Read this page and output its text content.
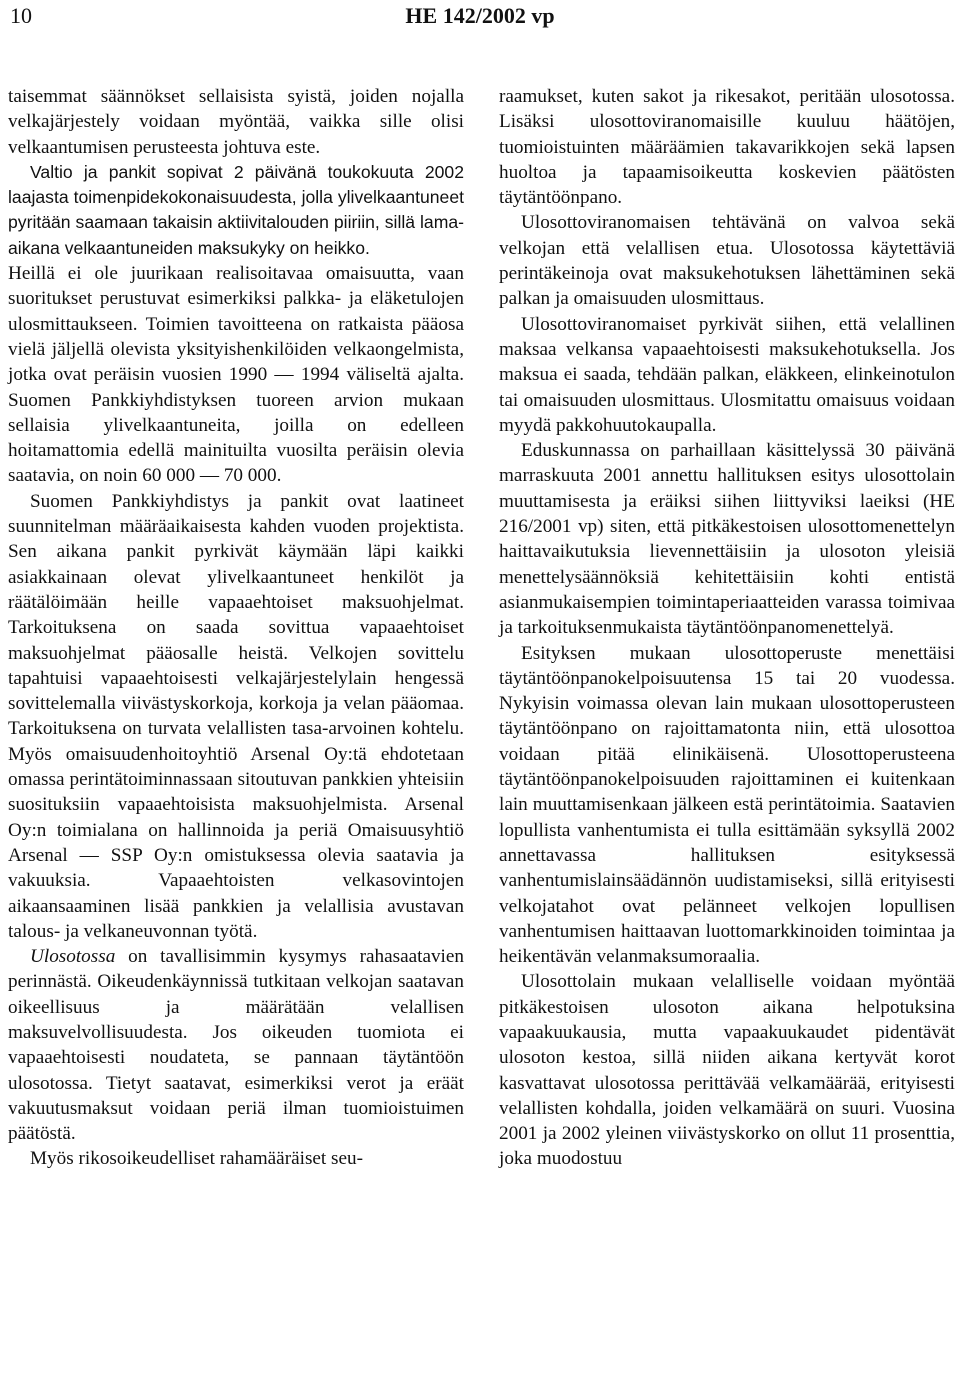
10	HE 142/2002 vp

taisemmat säännökset sellaisista syistä, joiden nojalla velkajärjestely voidaan myöntää, vaikka sille olisi velkaantumisen perusteesta johtuva este.

Valtio ja pankit sopivat 2 päivänä toukokuuta 2002 laajasta toimenpidekokonaisuudesta, jolla ylivelkaantuneet pyritään saamaan takaisin aktiivitalouden piiriin, sillä lama-aikana velkaantuneiden maksukyky on heikko.

Heillä ei ole juurikaan realisoitavaa omaisuutta, vaan suoritukset perustuvat esimerkiksi palkka- ja eläketulojen ulosmittaukseen. Toimien tavoitteena on ratkaista pääosa vielä jäljellä olevista yksityishenkilöiden velkaongelmista, jotka ovat peräisin vuosien 1990 — 1994 väliseltä ajalta. Suomen Pankkiyhdistyksen tuoreen arvion mukaan sellaisia ylivelkaantuneita, joilla on edelleen hoitamattomia edellä mainituilta vuosilta peräisin olevia saatavia, on noin 60 000 — 70 000.

Suomen Pankkiyhdistys ja pankit ovat laatineet suunnitelman määräaikaisesta kahden vuoden projektista. Sen aikana pankit pyrkivät käymään läpi kaikki asiakkainaan olevat ylivelkaantuneet henkilöt ja räätälöimään heille vapaaehtoiset maksuohjelmat. Tarkoituksena on saada sovittua vapaaehtoiset maksuohjelmat pääosalle heistä. Velkojen sovittelu tapahtuisi vapaaehtoisesti velkajärjestelylain hengessä sovittelemalla viivästyskorkoja, korkoja ja velan pääomaa. Tarkoituksena on turvata velallisten tasa-arvoinen kohtelu. Myös omaisuudenhoitoyhtiö Arsenal Oy:tä ehdotetaan omassa perintätoiminnassaan sitoutuvan pankkien yhteisiin suosituksiin vapaaehtoisista maksuohjelmista. Arsenal Oy:n toimialana on hallinnoida ja periä Omaisuusyhtiö Arsenal — SSP Oy:n omistuksessa olevia saatavia ja vakuuksia. Vapaaehtoisten velkasovintojen aikaansaaminen lisää pankkien ja velallisia avustavan talous- ja velkaneuvonnan työtä.

Ulosotossa on tavallisimmin kysymys rahasaatavien perinnästä. Oikeudenkäynnissä tutkitaan velkojan saatavan oikeellisuus ja määrätään velallisen maksuvelvollisuudesta. Jos oikeuden tuomiota ei vapaaehtoisesti noudateta, se pannaan täytäntöön ulosotossa. Tietyt saatavat, esimerkiksi verot ja eräät vakuutusmaksut voidaan periä ilman tuomioistuimen päätöstä.

Myös rikosoikeudelliset rahamääräiset seu-

raamukset, kuten sakot ja rikesakot, peritään ulosotossa. Lisäksi ulosottoviranomaisille kuuluu häätöjen, tuomioistuinten määräämien takavarikkojen sekä lapsen huoltoa ja tapaamisoikeutta koskevien päätösten täytäntöönpano.

Ulosottoviranomaisen tehtävänä on valvoa sekä velkojan että velallisen etua. Ulosotossa käytettäviä perintäkeinoja ovat maksukehotuksen lähettäminen sekä palkan ja omaisuuden ulosmittaus.

Ulosottoviranomaiset pyrkivät siihen, että velallinen maksaa velkansa vapaaehtoisesti maksukehotuksella. Jos maksua ei saada, tehdään palkan, eläkkeen, elinkeinotulon tai omaisuuden ulosmittaus. Ulosmitattu omaisuus voidaan myydä pakkohuutokaupalla.

Eduskunnassa on parhaillaan käsittelyssä 30 päivänä marraskuuta 2001 annettu hallituksen esitys ulosottolain muuttamisesta ja eräiksi siihen liittyviksi laeiksi (HE 216/2001 vp) siten, että pitkäkestoisen ulosottomenettelyn haittavaikutuksia lievennettäisiin ja ulosoton yleisiä menettelysäännöksiä kehitettäisiin kohti entistä asianmukaisempien toimintaperiaatteiden varassa toimivaa ja tarkoituksenmukaista täytäntöönpanomenettelyä.

Esityksen mukaan ulosottoperuste menettäisi täytäntöönpanokelpoisuutensa 15 tai 20 vuodessa. Nykyisin voimassa olevan lain mukaan ulosottoperusteen täytäntöönpano on rajoittamatonta niin, että ulosottoa voidaan pitää elinikäisenä. Ulosottoperusteena täytäntöönpanokelpoisuuden rajoittaminen ei kuitenkaan lain muuttamisenkaan jälkeen estä perintätoimia. Saatavien lopullista vanhentumista ei tulla esittämään syksyllä 2002 annettavassa hallituksen esityksessä vanhentumislainsäädännön uudistamiseksi, sillä erityisesti velkojatahot ovat pelänneet velkojen lopullisen vanhentumisen haittaavan luottomarkkinoiden toimintaa ja heikentävän velanmaksumoraalia.

Ulosottolain mukaan velalliselle voidaan myöntää pitkäkestoisen ulosoton aikana helpotuksina vapaakuukausia, mutta vapaakuukaudet pidentävät ulosoton kestoa, sillä niiden aikana kertyvät korot kasvattavat ulosotossa perittävää velkamäärää, erityisesti velallisten kohdalla, joiden velkamäärä on suuri. Vuosina 2001 ja 2002 yleinen viivästyskorko on ollut 11 prosenttia, joka muodostuu
